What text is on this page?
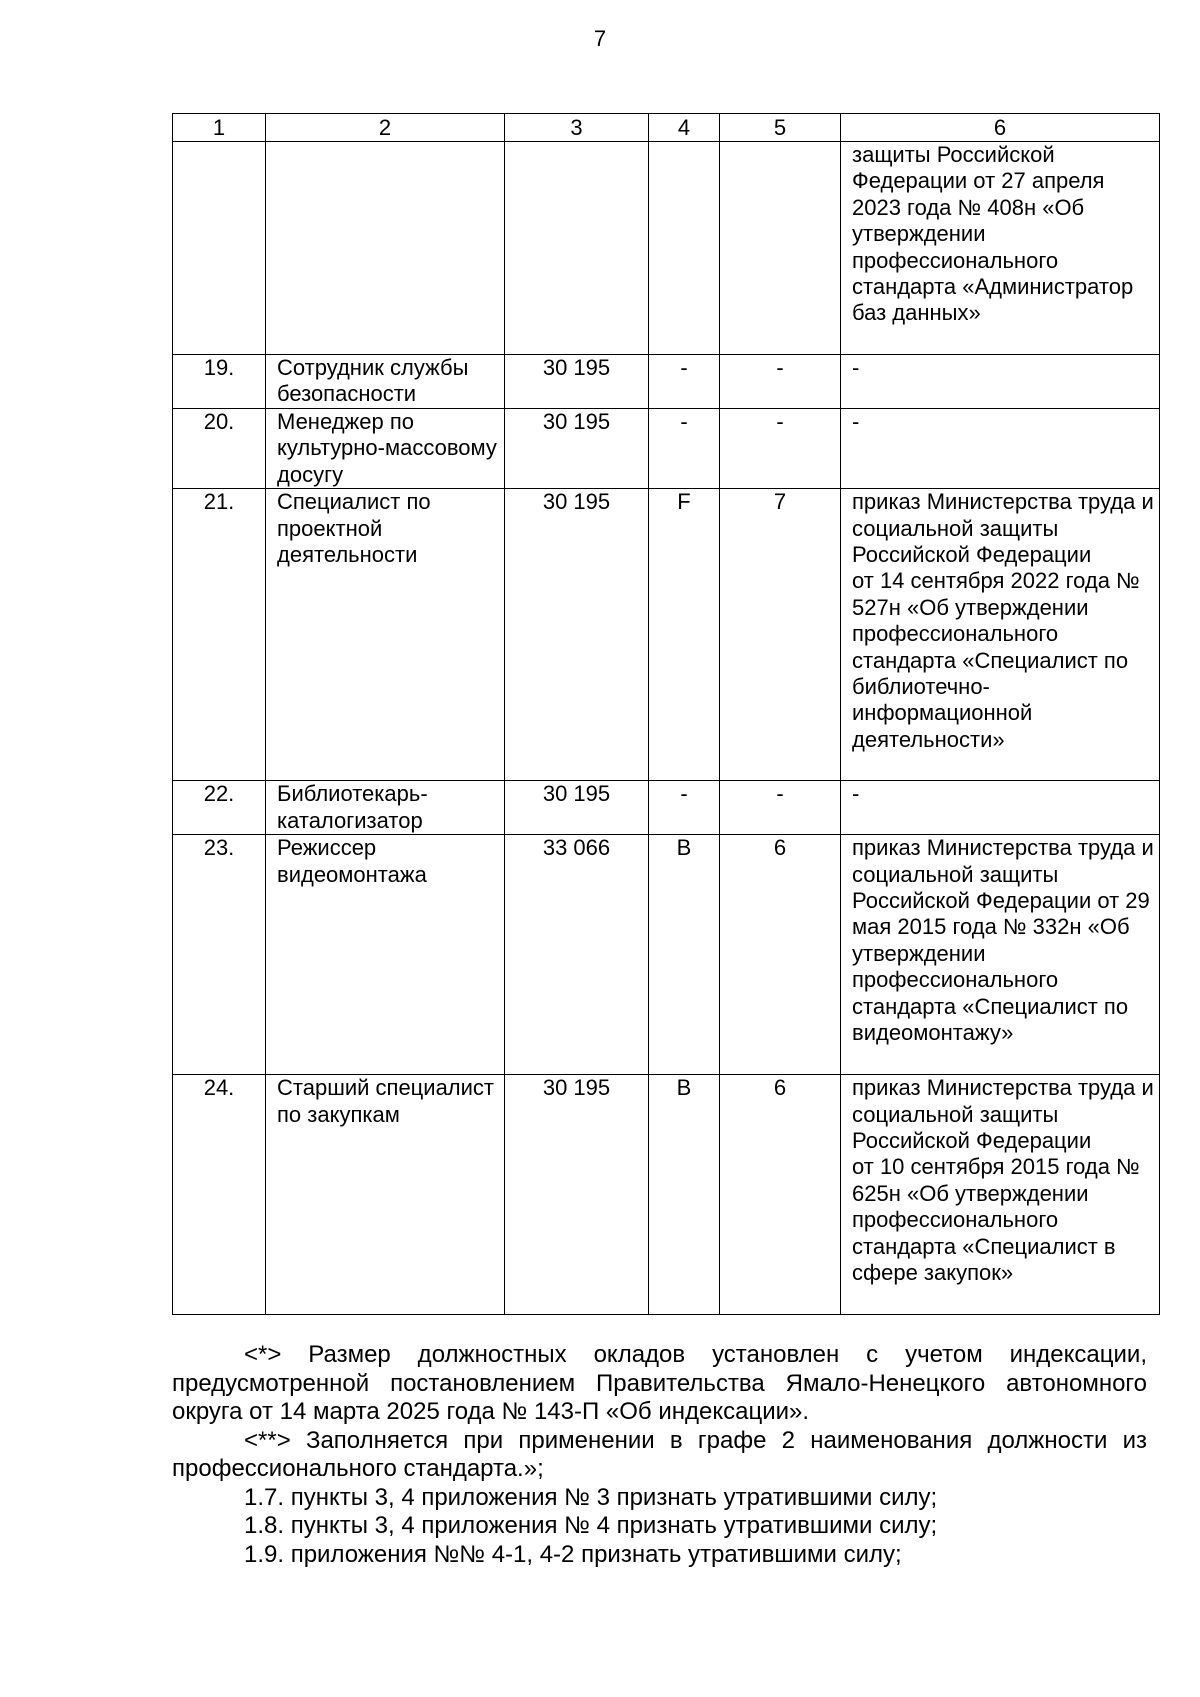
7
1	2	3	4	5	6
					защиты Российской Федерации от 27 апреля 2023 года № 408н «Об утверждении профессионального стандарта «Администратор баз данных»
19.	Сотрудник службы безопасности	30 195	-	-	-
20.	Менеджер по культурно-массовому досугу	30 195	-	-	-
21.	Специалист по проектной деятельности	30 195	F	7	приказ Министерства труда и социальной защиты Российской Федерации
от 14 сентября 2022 года № 527н «Об утверждении профессионального стандарта «Специалист по библиотечно-информационной деятельности»
22.	Библиотекарь-каталогизатор	30 195	-	-	-
23.	Режиссер видеомонтажа	33 066	B	6	приказ Министерства труда и социальной защиты Российской Федерации от 29 мая 2015 года № 332н «Об утверждении профессионального стандарта «Специалист по видеомонтажу»
24.	Старший специалист по закупкам	30 195	B	6	приказ Министерства труда и социальной защиты Российской Федерации
от 10 сентября 2015 года № 625н «Об утверждении профессионального стандарта «Специалист в сфере закупок»

<*> Размер должностных окладов установлен с учетом индексации, предусмотренной постановлением Правительства Ямало-Ненецкого автономного округа от 14 марта 2025 года № 143-П «Об индексации».

<**> Заполняется при применении в графе 2 наименования должности из профессионального стандарта.»;

1.7. пункты 3, 4 приложения № 3 признать утратившими силу;

1.8. пункты 3, 4 приложения № 4 признать утратившими силу;

1.9. приложения №№ 4-1, 4-2 признать утратившими силу;
